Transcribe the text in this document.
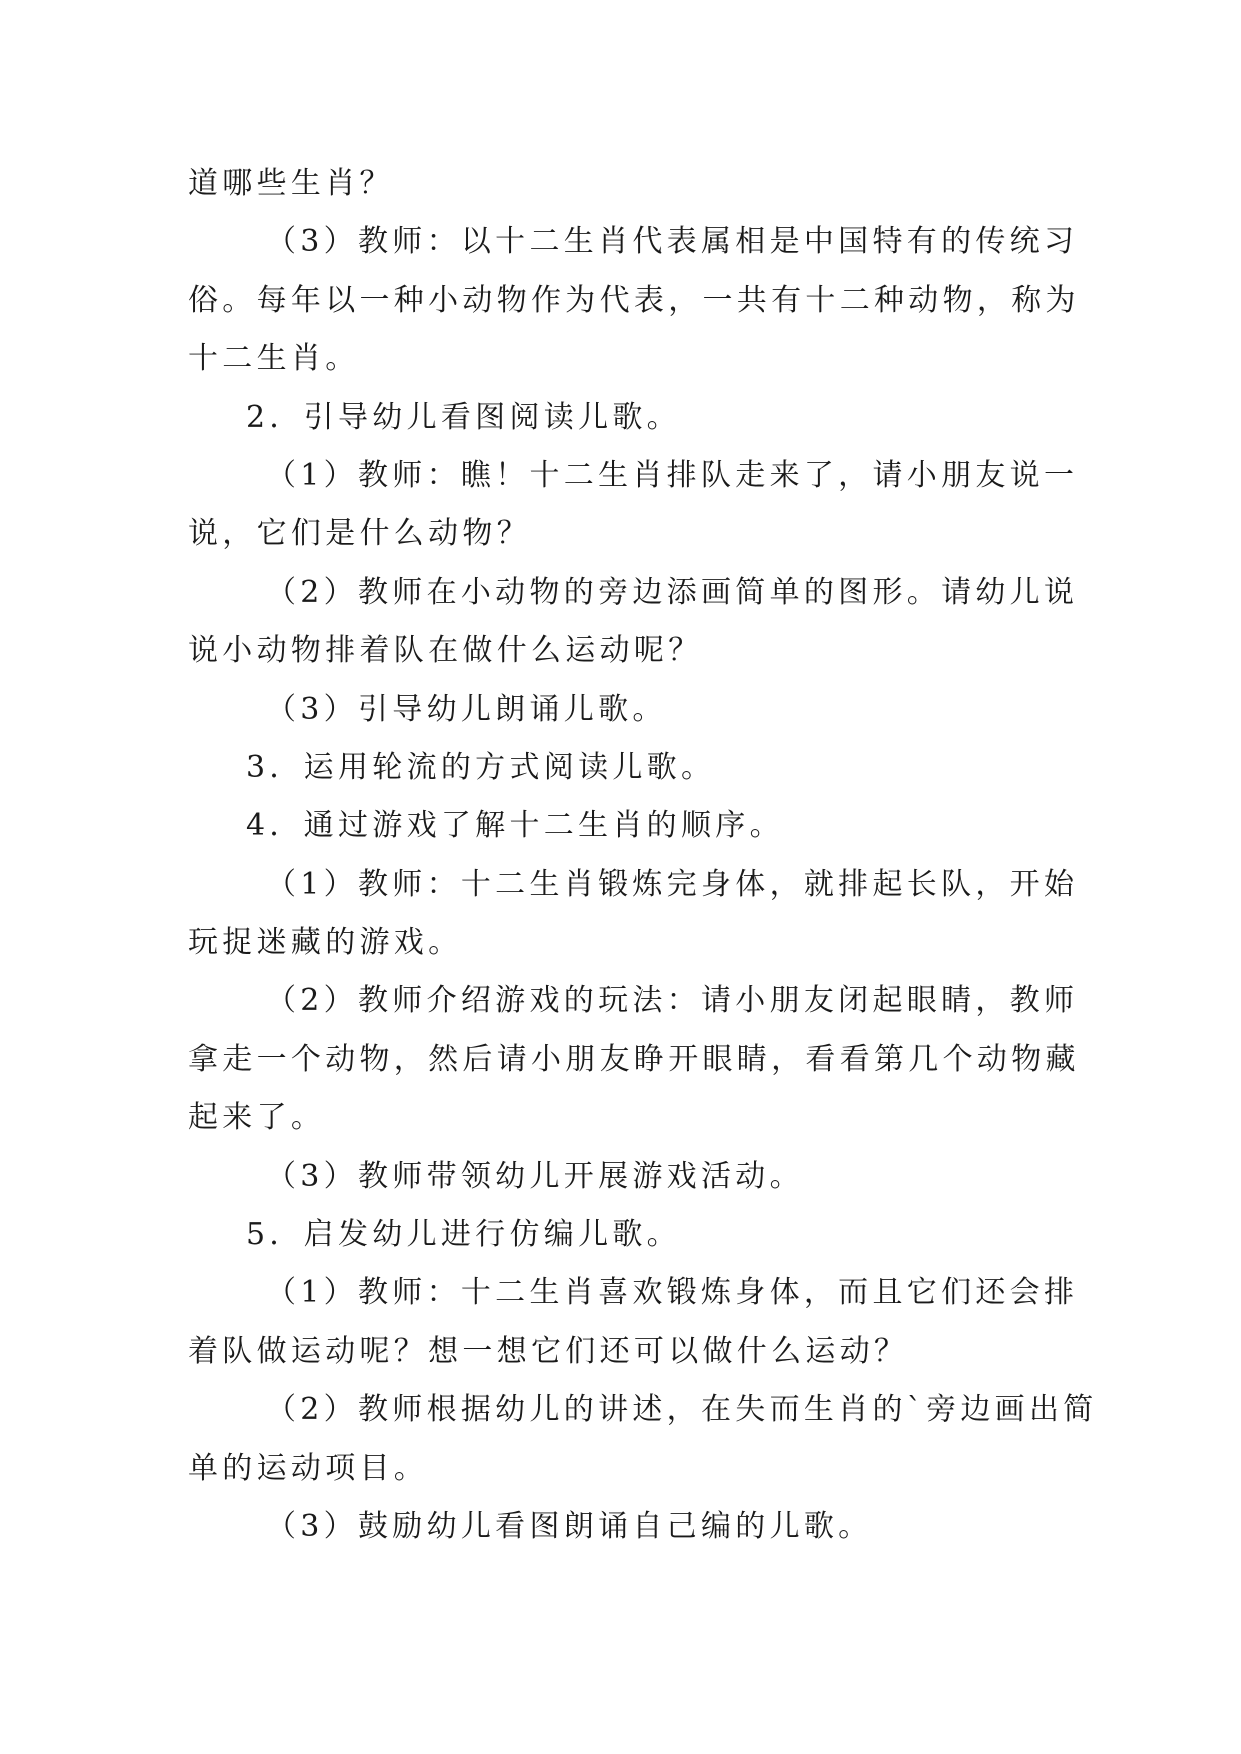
道哪些生肖？

（3）教师：以十二生肖代表属相是中国特有的传统习

俗。每年以一种小动物作为代表，一共有十二种动物，称为

十二生肖。

2．引导幼儿看图阅读儿歌。

（1）教师：瞧！十二生肖排队走来了，请小朋友说一

说，它们是什么动物？

（2）教师在小动物的旁边添画简单的图形。请幼儿说

说小动物排着队在做什么运动呢？

（3）引导幼儿朗诵儿歌。

3．运用轮流的方式阅读儿歌。

4．通过游戏了解十二生肖的顺序。

（1）教师：十二生肖锻炼完身体，就排起长队，开始

玩捉迷藏的游戏。

（2）教师介绍游戏的玩法：请小朋友闭起眼睛，教师

拿走一个动物，然后请小朋友睁开眼睛，看看第几个动物藏

起来了。

（3）教师带领幼儿开展游戏活动。

5．启发幼儿进行仿编儿歌。

（1）教师：十二生肖喜欢锻炼身体，而且它们还会排

着队做运动呢？想一想它们还可以做什么运动？

（2）教师根据幼儿的讲述，在失而生肖的`旁边画出简

单的运动项目。

（3）鼓励幼儿看图朗诵自己编的儿歌。
